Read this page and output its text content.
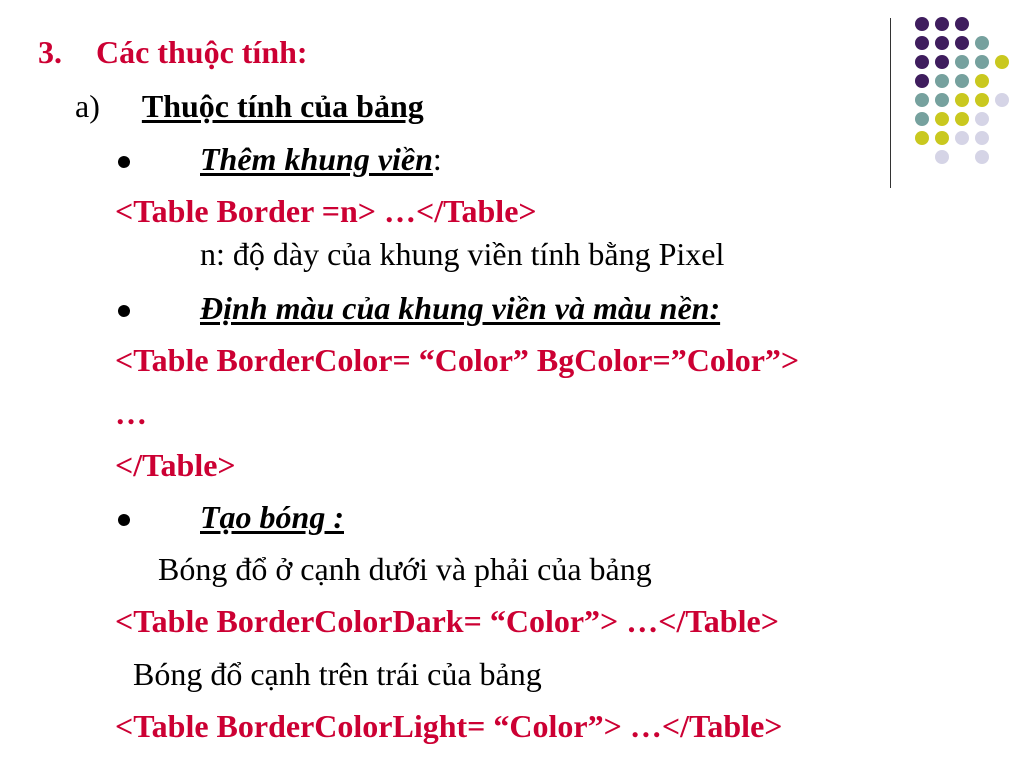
3. Các thuộc tính:
a) Thuộc tính của bảng
Thêm khung viền:
<Table Border =n> …</Table>
n: độ dày của khung viền tính bằng Pixel
Định màu của khung viền và màu nền:
<Table BorderColor= “Color” BgColor=”Color”>
…
</Table>
Tạo bóng :
Bóng đổ ở cạnh dưới và phải của bảng
<Table BorderColorDark= “Color”> …</Table>
Bóng đổ cạnh trên trái của bảng
<Table BorderColorLight= “Color”> …</Table>
